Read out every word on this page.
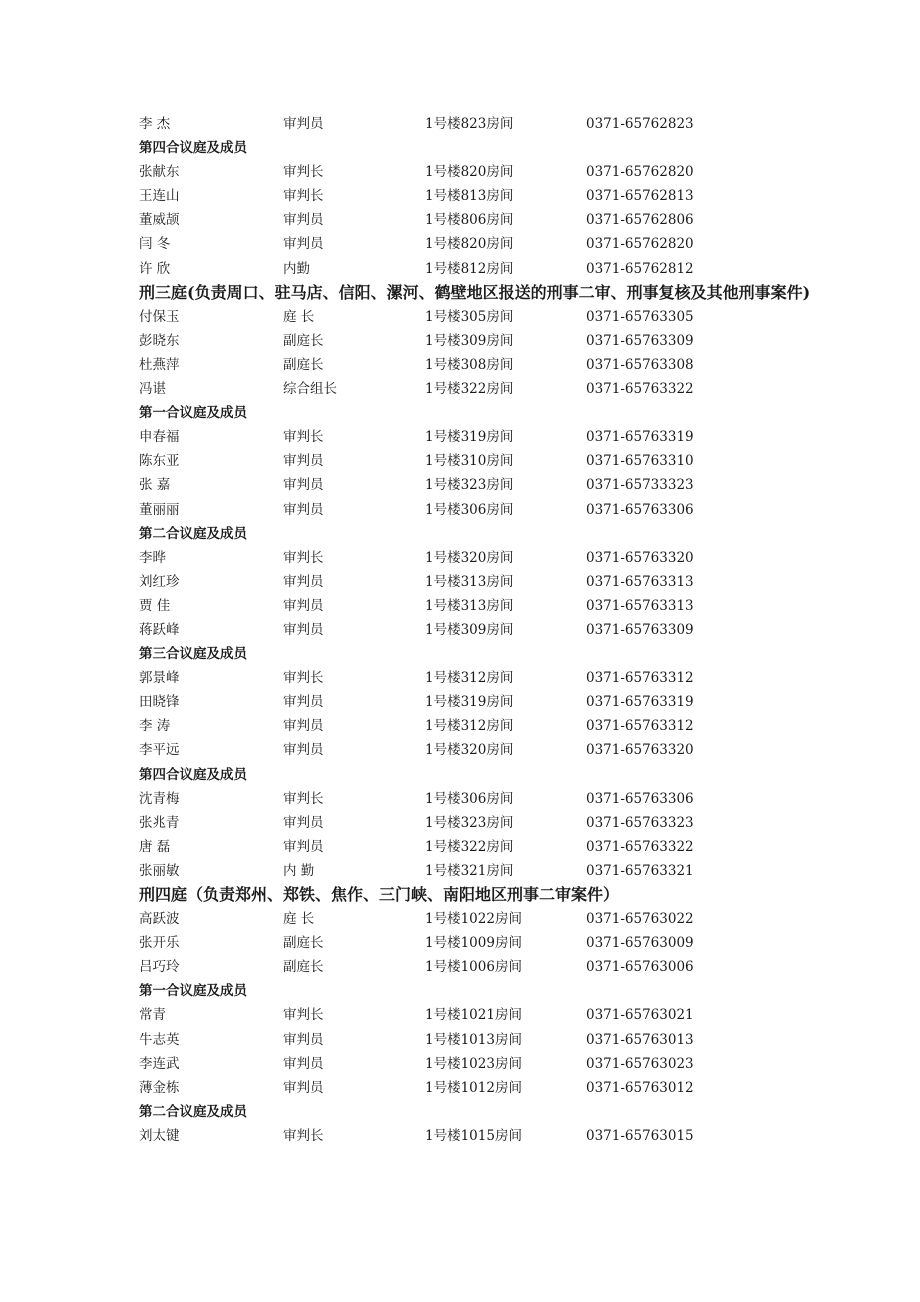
李 杰	审判员	1号楼823房间	0371-65762823
第四合议庭及成员
张献东	审判长	1号楼820房间	0371-65762820
王连山	审判长	1号楼813房间	0371-65762813
董威颉	审判员	1号楼806房间	0371-65762806
闫 冬	审判员	1号楼820房间	0371-65762820
许 欣	内勤	1号楼812房间	0371-65762812
刑三庭(负责周口、驻马店、信阳、漯河、鹤壁地区报送的刑事二审、刑事复核及其他刑事案件)
付保玉	庭 长	1号楼305房间	0371-65763305
彭晓东	副庭长	1号楼309房间	0371-65763309
杜燕萍	副庭长	1号楼308房间	0371-65763308
冯谌	综合组长	1号楼322房间	0371-65763322
第一合议庭及成员
申春福	审判长	1号楼319房间	0371-65763319
陈东亚	审判员	1号楼310房间	0371-65763310
张 嘉	审判员	1号楼323房间	0371-65733323
董丽丽	审判员	1号楼306房间	0371-65763306
第二合议庭及成员
李晔	审判长	1号楼320房间	0371-65763320
刘红珍	审判员	1号楼313房间	0371-65763313
贾 佳	审判员	1号楼313房间	0371-65763313
蒋跃峰	审判员	1号楼309房间	0371-65763309
第三合议庭及成员
郭景峰	审判长	1号楼312房间	0371-65763312
田晓锋	审判员	1号楼319房间	0371-65763319
李 涛	审判员	1号楼312房间	0371-65763312
李平远	审判员	1号楼320房间	0371-65763320
第四合议庭及成员
沈青梅	审判长	1号楼306房间	0371-65763306
张兆青	审判员	1号楼323房间	0371-65763323
唐 磊	审判员	1号楼322房间	0371-65763322
张丽敏	内 勤	1号楼321房间	0371-65763321
刑四庭（负责郑州、郑铁、焦作、三门峡、南阳地区刑事二审案件）
高跃波	庭 长	1号楼1022房间	0371-65763022
张开乐	副庭长	1号楼1009房间	0371-65763009
吕巧玲	副庭长	1号楼1006房间	0371-65763006
第一合议庭及成员
常青	审判长	1号楼1021房间	0371-65763021
牛志英	审判员	1号楼1013房间	0371-65763013
李连武	审判员	1号楼1023房间	0371-65763023
薄金栋	审判员	1号楼1012房间	0371-65763012
第二合议庭及成员
刘太键	审判长	1号楼1015房间	0371-65763015
